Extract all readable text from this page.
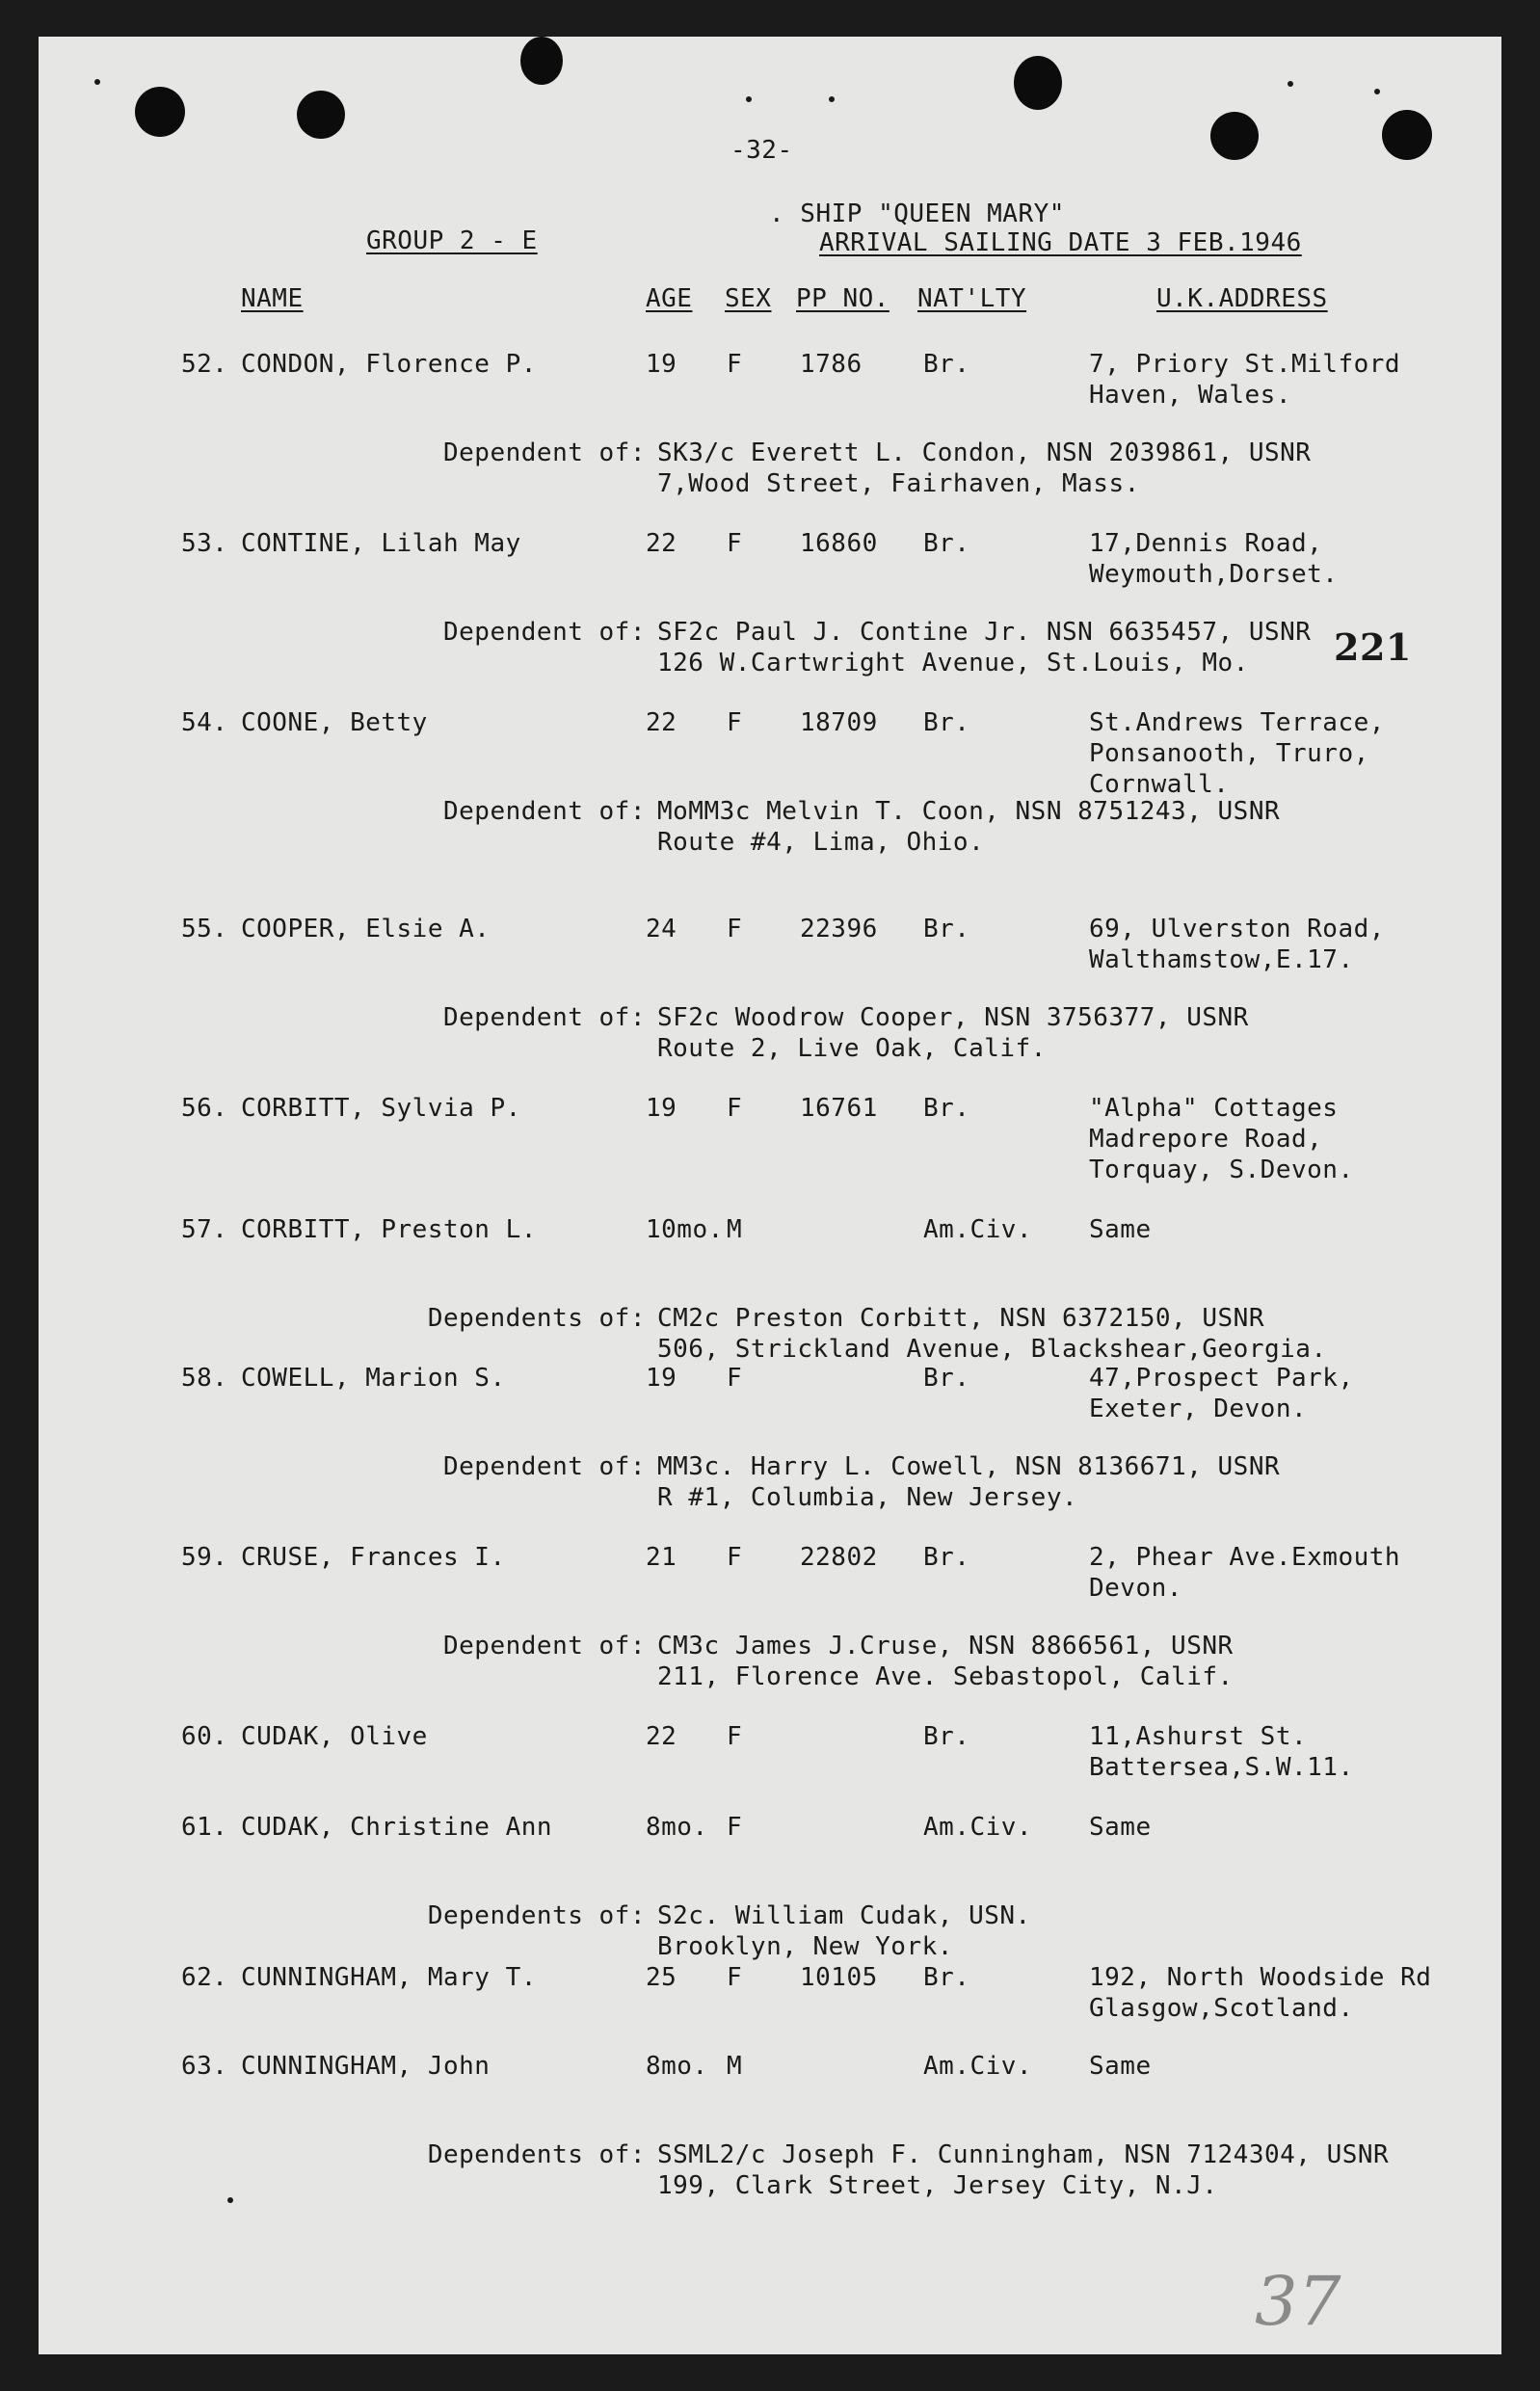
-32-
GROUP 2 - E
. SHIP "QUEEN MARY"
ARRIVAL SAILING DATE 3 FEB.1946
NAME	AGE SEX PP NO. NAT'LTY	U.K.ADDRESS
52. CONDON, Florence P.	19 F 1786 Br.	7, Priory St.Milford
Haven, Wales.
Dependent of: SK3/c Everett L. Condon, NSN 2039861, USNR
7,Wood Street, Fairhaven, Mass.
53. CONTINE, Lilah May	22 F 16860 Br.	17,Dennis Road,
Weymouth,Dorset.
Dependent of: SF2c Paul J. Contine Jr. NSN 6635457, USNR
126 W.Cartwright Avenue, St.Louis, Mo.
54. COONE, Betty	22 F 18709 Br.	St.Andrews Terrace,
Ponsanooth, Truro,
Cornwall.
Dependent of: MoMM3c Melvin T. Coon, NSN 8751243, USNR
Route #4, Lima, Ohio.
55. COOPER, Elsie A.	24 F 22396 Br.	69, Ulverston Road,
Walthamstow,E.17.
Dependent of: SF2c Woodrow Cooper, NSN 3756377, USNR
Route 2, Live Oak, Calif.
56. CORBITT, Sylvia P.	19 F 16761 Br.	"Alpha" Cottages
Madrepore Road,
Torquay, S.Devon.
57. CORBITT, Preston L.	10mo. M	Am.Civ. Same
Dependents of: CM2c Preston Corbitt, NSN 6372150, USNR
506, Strickland Avenue, Blackshear,Georgia.
58. COWELL, Marion S.	19 F	Br.	47,Prospect Park,
Exeter, Devon.
Dependent of: MM3c. Harry L. Cowell, NSN 8136671, USNR
R #1, Columbia, New Jersey.
59. CRUSE, Frances I.	21 F 22802 Br.	2, Phear Ave.Exmouth
Devon.
Dependent of: CM3c James J.Cruse, NSN 8866561, USNR
211, Florence Ave. Sebastopol, Calif.
60. CUDAK, Olive	22 F	Br.	11,Ashurst St.
Battersea,S.W.11.
61. CUDAK, Christine Ann	8mo. F	Am.Civ. Same
Dependents of: S2c. William Cudak, USN.
Brooklyn, New York.
62. CUNNINGHAM, Mary T.	25 F 10105 Br.	192, North Woodside Rd
Glasgow,Scotland.
63. CUNNINGHAM, John	8mo. M	Am.Civ. Same
Dependents of: SSML2/c Joseph F. Cunningham, NSN 7124304, USNR
199, Clark Street, Jersey City, N.J.
221
37
